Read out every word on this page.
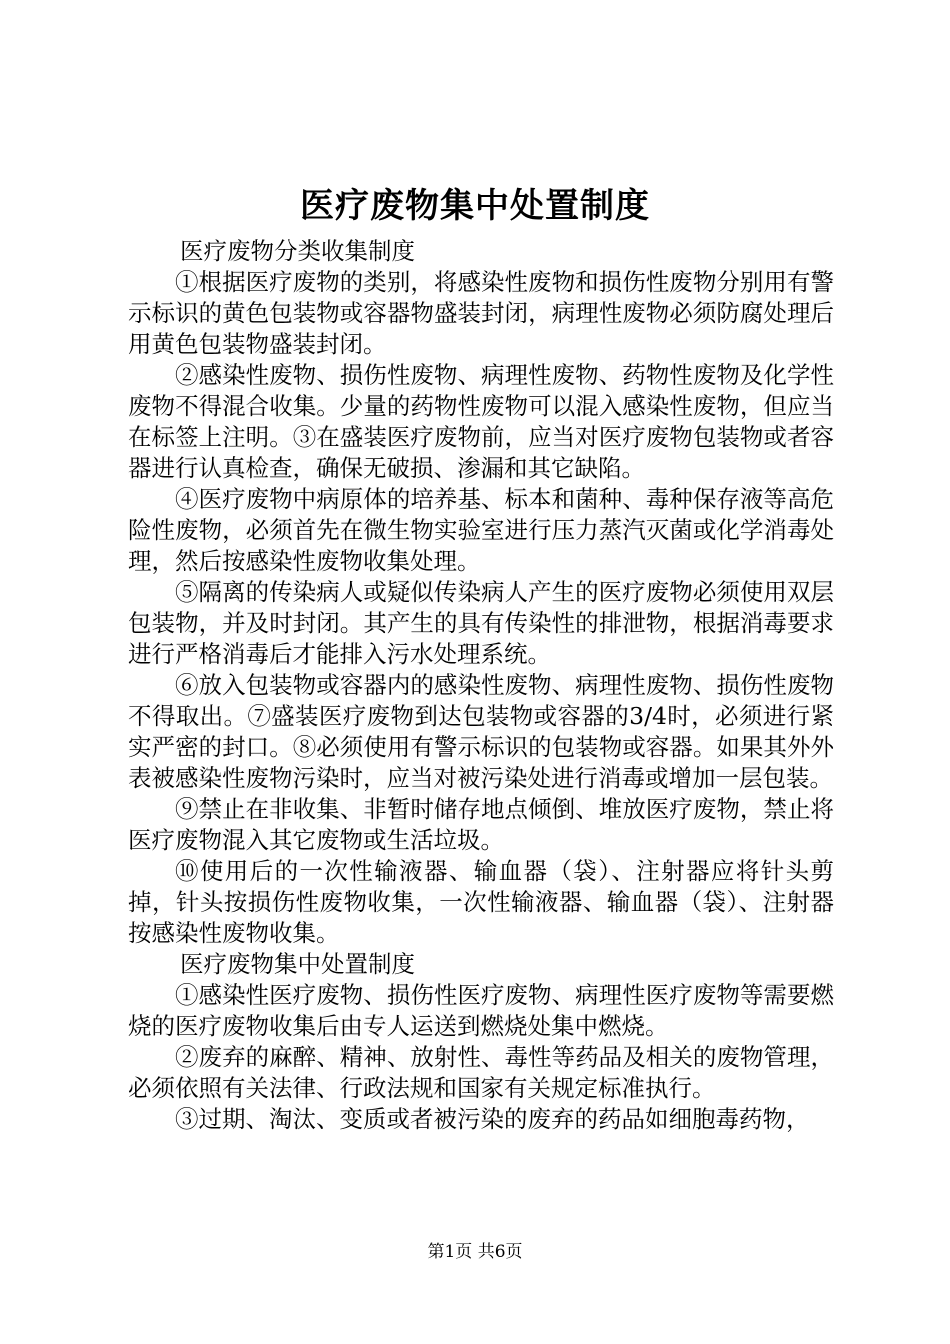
医疗废物集中处置制度

医疗废物分类收集制度

①根据医疗废物的类别，将感染性废物和损伤性废物分别用有警示标识的黄色包装物或容器物盛装封闭，病理性废物必须防腐处理后用黄色包装物盛装封闭。

②感染性废物、损伤性废物、病理性废物、药物性废物及化学性废物不得混合收集。少量的药物性废物可以混入感染性废物，但应当在标签上注明。③在盛装医疗废物前，应当对医疗废物包装物或者容器进行认真检查，确保无破损、渗漏和其它缺陷。

④医疗废物中病原体的培养基、标本和菌种、毒种保存液等高危险性废物，必须首先在微生物实验室进行压力蒸汽灭菌或化学消毒处理，然后按感染性废物收集处理。

⑤隔离的传染病人或疑似传染病人产生的医疗废物必须使用双层包装物，并及时封闭。其产生的具有传染性的排泄物，根据消毒要求进行严格消毒后才能排入污水处理系统。

⑥放入包装物或容器内的感染性废物、病理性废物、损伤性废物不得取出。⑦盛装医疗废物到达包装物或容器的3/4时，必须进行紧实严密的封口。⑧必须使用有警示标识的包装物或容器。如果其外外表被感染性废物污染时，应当对被污染处进行消毒或增加一层包装。

⑨禁止在非收集、非暂时储存地点倾倒、堆放医疗废物，禁止将医疗废物混入其它废物或生活垃圾。

⑩使用后的一次性输液器、输血器（袋）、注射器应将针头剪掉，针头按损伤性废物收集，一次性输液器、输血器（袋）、注射器按感染性废物收集。

医疗废物集中处置制度

①感染性医疗废物、损伤性医疗废物、病理性医疗废物等需要燃烧的医疗废物收集后由专人运送到燃烧处集中燃烧。

②废弃的麻醉、精神、放射性、毒性等药品及相关的废物管理，必须依照有关法律、行政法规和国家有关规定标准执行。

③过期、淘汰、变质或者被污染的废弃的药品如细胞毒药物，

第1页 共6页
